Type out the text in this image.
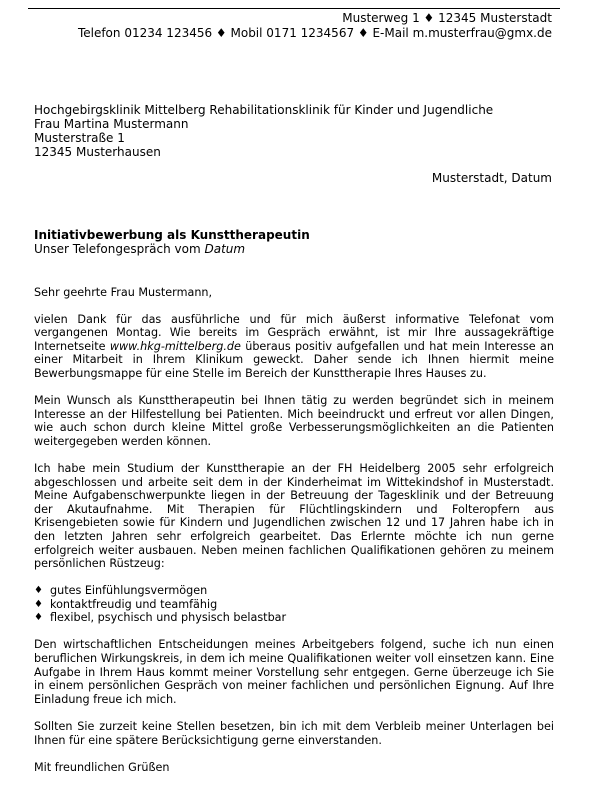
Musterweg 1 ♦ 12345 Musterstadt
Telefon 01234 123456 ♦ Mobil 0171 1234567 ♦ E-Mail m.musterfrau@gmx.de
Hochgebirgsklinik Mittelberg Rehabilitationsklinik für Kinder und Jugendliche
Frau Martina Mustermann
Musterstraße 1
12345 Musterhausen
Musterstadt, Datum
Initiativbewerbung als Kunsttherapeutin
Unser Telefongespräch vom Datum

Sehr geehrte Frau Mustermann,

vielen Dank für das ausführliche und für mich äußerst informative Telefonat vom vergangenen Montag. Wie bereits im Gespräch erwähnt, ist mir Ihre aussagekräftige Internetseite www.hkg-mittelberg.de überaus positiv aufgefallen und hat mein Interesse an einer Mitarbeit in Ihrem Klinikum geweckt. Daher sende ich Ihnen hiermit meine Bewerbungsmappe für eine Stelle im Bereich der Kunsttherapie Ihres Hauses zu.

Mein Wunsch als Kunsttherapeutin bei Ihnen tätig zu werden begründet sich in meinem Interesse an der Hilfestellung bei Patienten. Mich beeindruckt und erfreut vor allen Dingen, wie auch schon durch kleine Mittel große Verbesserungsmöglichkeiten an die Patienten weitergegeben werden können.

Ich habe mein Studium der Kunsttherapie an der FH Heidelberg 2005 sehr erfolgreich abgeschlossen und arbeite seit dem in der Kinderheimat im Wittekindshof in Musterstadt. Meine Aufgabenschwerpunkte liegen in der Betreuung der Tagesklinik und der Betreuung der Akutaufnahme. Mit Therapien für Flüchtlingskindern und Folteropfern aus Krisengebieten sowie für Kindern und Jugendlichen zwischen 12 und 17 Jahren habe ich in den letzten Jahren sehr erfolgreich gearbeitet. Das Erlernte möchte ich nun gerne erfolgreich weiter ausbauen. Neben meinen fachlichen Qualifikationen gehören zu meinem persönlichen Rüstzeug:

♦ gutes Einfühlungsvermögen
♦ kontaktfreudig und teamfähig
♦ flexibel, psychisch und physisch belastbar

Den wirtschaftlichen Entscheidungen meines Arbeitgebers folgend, suche ich nun einen beruflichen Wirkungskreis, in dem ich meine Qualifikationen weiter voll einsetzen kann. Eine Aufgabe in Ihrem Haus kommt meiner Vorstellung sehr entgegen. Gerne überzeuge ich Sie in einem persönlichen Gespräch von meiner fachlichen und persönlichen Eignung. Auf Ihre Einladung freue ich mich.

Sollten Sie zurzeit keine Stellen besetzen, bin ich mit dem Verbleib meiner Unterlagen bei Ihnen für eine spätere Berücksichtigung gerne einverstanden.

Mit freundlichen Grüßen
